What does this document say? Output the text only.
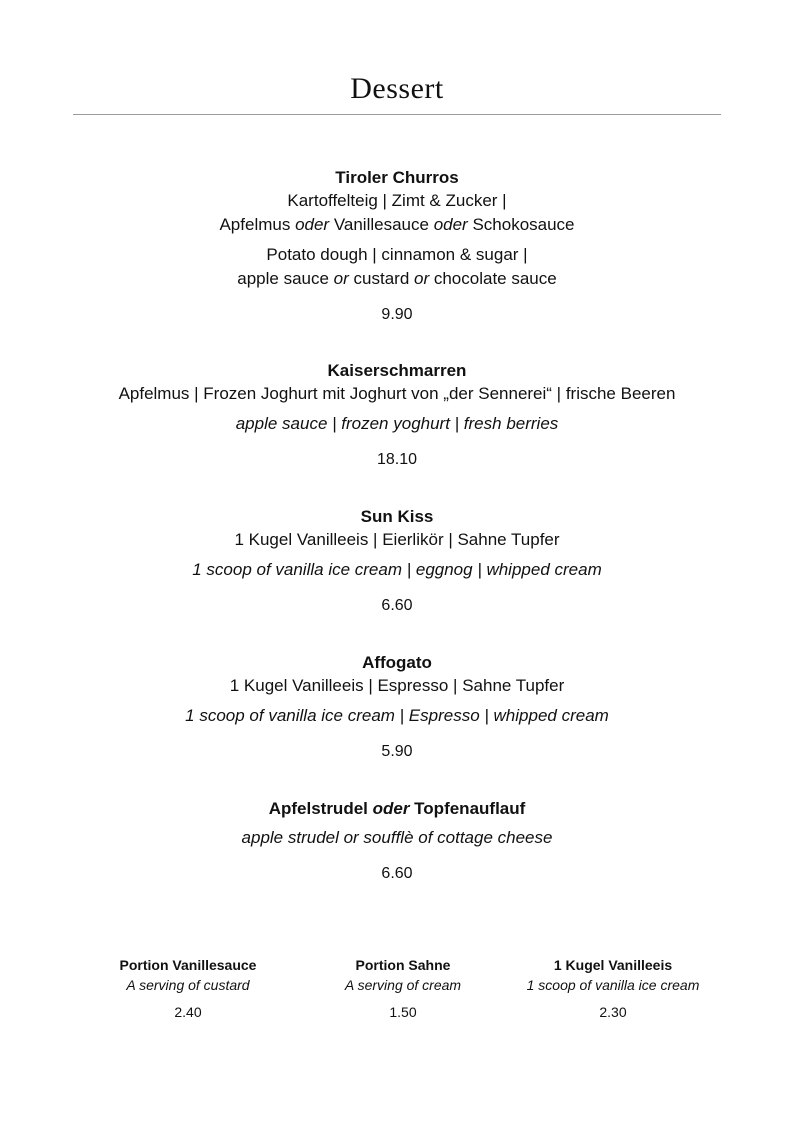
Dessert
Tiroler Churros
Kartoffelteig | Zimt & Zucker |
Apfelmus oder Vanillesauce oder Schokosauce
Potato dough | cinnamon & sugar |
apple sauce or custard or chocolate sauce
9.90
Kaiserschmarren
Apfelmus | Frozen Joghurt mit Joghurt von „der Sennerei“ | frische Beeren
apple sauce | frozen yoghurt | fresh berries
18.10
Sun Kiss
1 Kugel Vanilleeis | Eierlikör | Sahne Tupfer
1 scoop of vanilla ice cream | eggnog | whipped cream
6.60
Affogato
1 Kugel Vanilleeis | Espresso | Sahne Tupfer
1 scoop of vanilla ice cream | Espresso | whipped cream
5.90
Apfelstrudel oder Topfenauflauf
apple strudel or soufflè of cottage cheese
6.60
Portion Vanillesauce
A serving of custard
2.40
Portion Sahne
A serving of cream
1.50
1 Kugel Vanilleeis
1 scoop of vanilla ice cream
2.30
